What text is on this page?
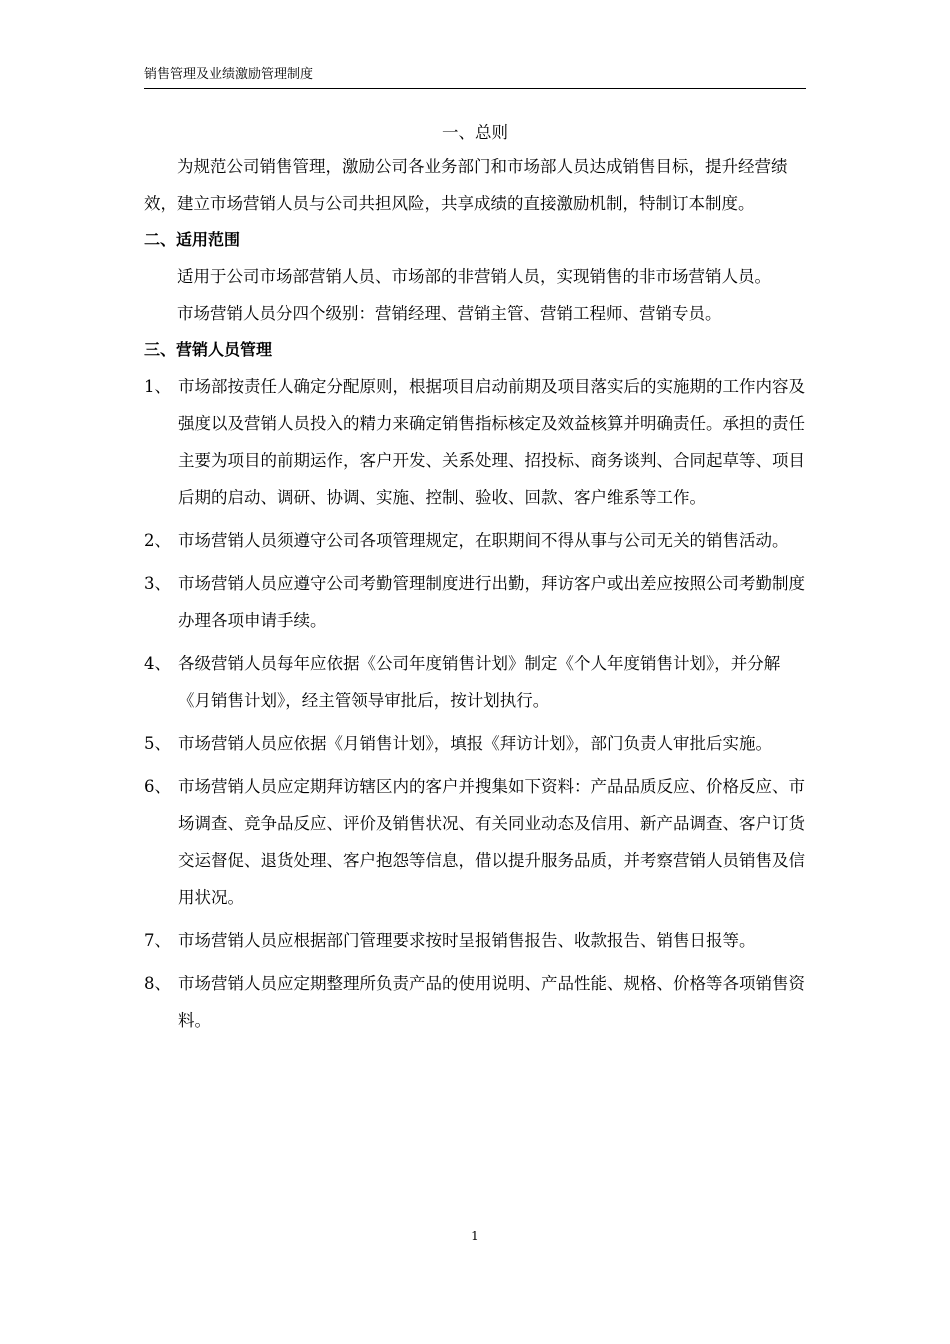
销售管理及业绩激励管理制度
一、总则

为规范公司销售管理，激励公司各业务部门和市场部人员达成销售目标，提升经营绩效，建立市场营销人员与公司共担风险，共享成绩的直接激励机制，特制订本制度。

二、适用范围

适用于公司市场部营销人员、市场部的非营销人员，实现销售的非市场营销人员。

市场营销人员分四个级别：营销经理、营销主管、营销工程师、营销专员。

三、营销人员管理

1、 市场部按责任人确定分配原则，根据项目启动前期及项目落实后的实施期的工作内容及强度以及营销人员投入的精力来确定销售指标核定及效益核算并明确责任。承担的责任主要为项目的前期运作，客户开发、关系处理、招投标、商务谈判、合同起草等、项目后期的启动、调研、协调、实施、控制、验收、回款、客户维系等工作。
2、 市场营销人员须遵守公司各项管理规定，在职期间不得从事与公司无关的销售活动。
3、 市场营销人员应遵守公司考勤管理制度进行出勤，拜访客户或出差应按照公司考勤制度办理各项申请手续。
4、 各级营销人员每年应依据《公司年度销售计划》制定《个人年度销售计划》，并分解《月销售计划》，经主管领导审批后，按计划执行。
5、 市场营销人员应依据《月销售计划》，填报《拜访计划》，部门负责人审批后实施。
6、 市场营销人员应定期拜访辖区内的客户并搜集如下资料：产品品质反应、价格反应、市场调查、竞争品反应、评价及销售状况、有关同业动态及信用、新产品调查、客户订货交运督促、退货处理、客户抱怨等信息，借以提升服务品质，并考察营销人员销售及信用状况。
7、 市场营销人员应根据部门管理要求按时呈报销售报告、收款报告、销售日报等。
8、 市场营销人员应定期整理所负责产品的使用说明、产品性能、规格、价格等各项销售资料。
1
